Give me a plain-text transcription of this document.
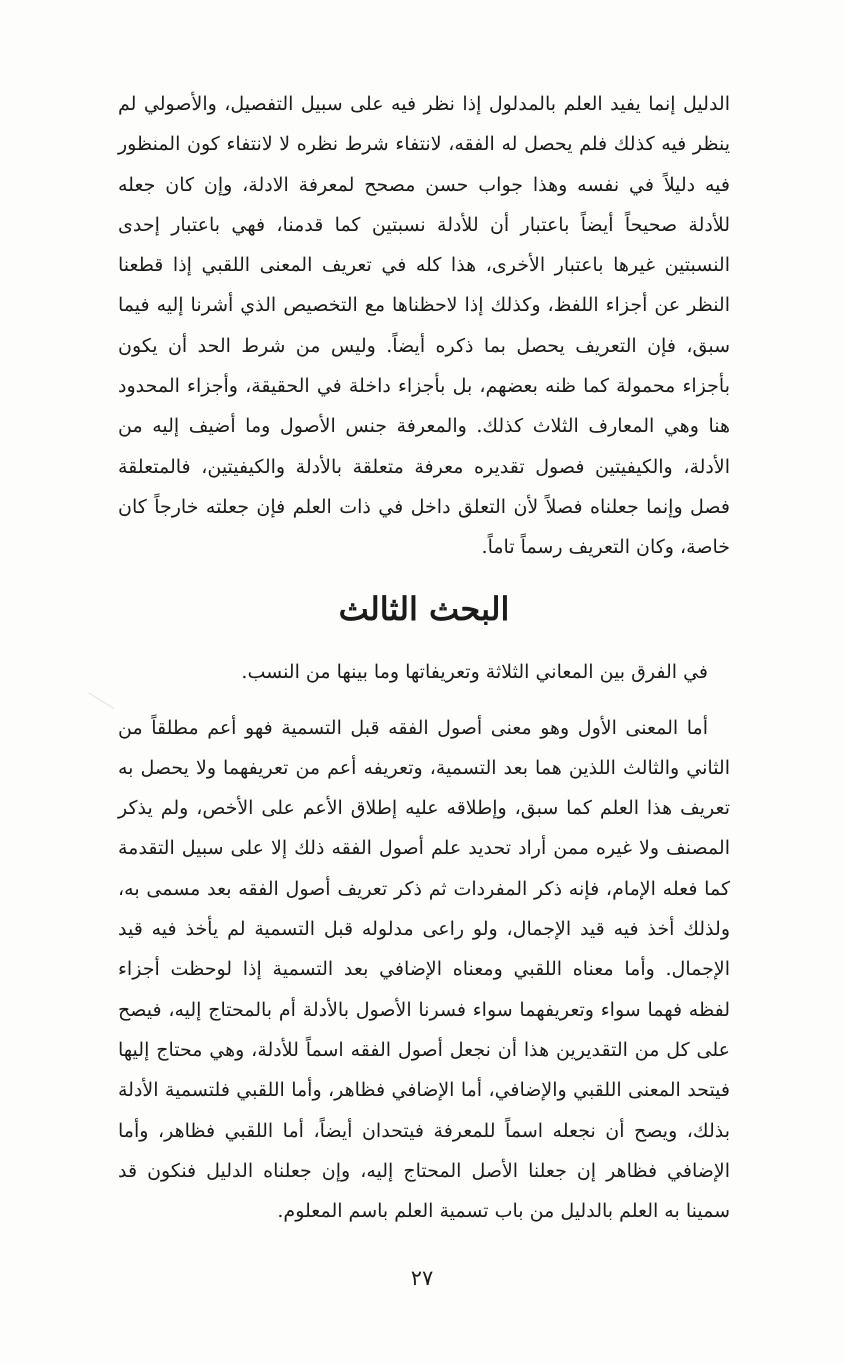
الدليل إنما يفيد العلم بالمدلول إذا نظر فيه على سبيل التفصيل، والأصولي لم ينظر فيه كذلك فلم يحصل له الفقه، لانتفاء شرط نظره لا لانتفاء كون المنظور فيه دليلاً في نفسه وهذا جواب حسن مصحح لمعرفة الادلة، وإن كان جعله للأدلة صحيحاً أيضاً باعتبار أن للأدلة نسبتين كما قدمنا، فهي باعتبار إحدى النسبتين غيرها باعتبار الأخرى، هذا كله في تعريف المعنى اللقبي إذا قطعنا النظر عن أجزاء اللفظ، وكذلك إذا لاحظناها مع التخصيص الذي أشرنا إليه فيما سبق، فإن التعريف يحصل بما ذكره أيضاً. وليس من شرط الحد أن يكون بأجزاء محمولة كما ظنه بعضهم، بل بأجزاء داخلة في الحقيقة، وأجزاء المحدود هنا وهي المعارف الثلاث كذلك. والمعرفة جنس الأصول وما أضيف إليه من الأدلة، والكيفيتين فصول تقديره معرفة متعلقة بالأدلة والكيفيتين، فالمتعلقة فصل وإنما جعلناه فصلاً لأن التعلق داخل في ذات العلم فإن جعلته خارجاً كان خاصة، وكان التعريف رسماً تاماً.

البحث الثالث

في الفرق بين المعاني الثلاثة وتعريفاتها وما بينها من النسب.

أما المعنى الأول وهو معنى أصول الفقه قبل التسمية فهو أعم مطلقاً من الثاني والثالث اللذين هما بعد التسمية، وتعريفه أعم من تعريفهما ولا يحصل به تعريف هذا العلم كما سبق، وإطلاقه عليه إطلاق الأعم على الأخص، ولم يذكر المصنف ولا غيره ممن أراد تحديد علم أصول الفقه ذلك إلا على سبيل التقدمة كما فعله الإمام، فإنه ذكر المفردات ثم ذكر تعريف أصول الفقه بعد مسمى به، ولذلك أخذ فيه قيد الإجمال، ولو راعى مدلوله قبل التسمية لم يأخذ فيه قيد الإجمال. وأما معناه اللقبي ومعناه الإضافي بعد التسمية إذا لوحظت أجزاء لفظه فهما سواء وتعريفهما سواء فسرنا الأصول بالأدلة أم بالمحتاج إليه، فيصح على كل من التقديرين هذا أن نجعل أصول الفقه اسماً للأدلة، وهي محتاج إليها فيتحد المعنى اللقبي والإضافي، أما الإضافي فظاهر، وأما اللقبي فلتسمية الأدلة بذلك، ويصح أن نجعله اسماً للمعرفة فيتحدان أيضاً، أما اللقبي فظاهر، وأما الإضافي فظاهر إن جعلنا الأصل المحتاج إليه، وإن جعلناه الدليل فنكون قد سمينا به العلم بالدليل من باب تسمية العلم باسم المعلوم.

٢٧
